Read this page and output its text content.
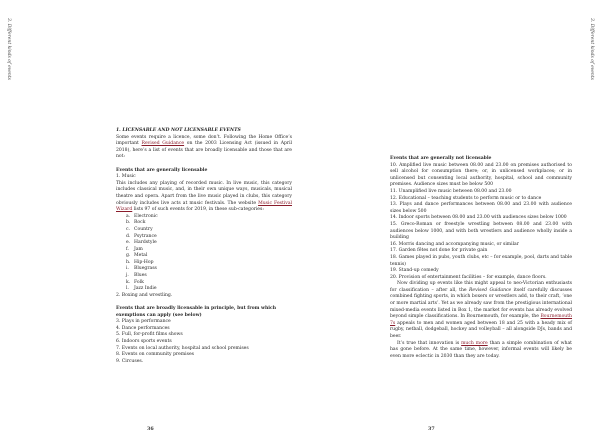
3. Different kinds of events

1. LICENSABLE AND NOT LICENSABLE EVENTS

Some events require a licence, some don’t. Following the Home Office’s important Revised Guidance on the 2003 Licensing Act (issued in April 2018), here’s a list of events that are broadly licensable and those that are not:

Events that are generally licensable

1. Music

This includes any playing of recorded music. In live music, this category includes classical music, and, in their own unique ways, musicals, musical theatre and opera. Apart from the live music played in clubs, this category obviously includes live acts at music festivals. The website Music Festival Wizard lists 97 of such events for 2019, in these sub-categories:

a. Electronic

b. Rock

c. Country

d. Psytrance

e. Hardstyle

f. Jam

g. Metal

h. Hip-Hop

i. Bluegrass

j. Blues

k. Folk

l. Jazz Indie

2. Boxing and wrestling.

Events that are broadly licensable in principle, but from which exemptions can apply (see below)

3. Plays in performance

4. Dance performances

5. Full, for-profit films shows

6. Indoors sports events

7. Events on local authority, hospital and school premises

8. Events on community premises

9. Circuses.

36
3. Different kinds of events

Events that are generally not licensable

10. Amplified live music between 08.00 and 23.00 on premises authorised to sell alcohol for consumption there; or, in unlicensed workplaces; or in unlicensed but consenting local authority, hospital, school and community premises. Audience sizes must be below 500

11. Unamplified live music between 08.00 and 23.00

12. Educational – teaching students to perform music or to dance

13. Plays and dance performances between 08.00 and 23.00 with audience sizes below 500

14. Indoor sports between 08.00 and 23.00 with audiences sizes below 1000

15. Greco-Roman or freestyle wrestling between 08.00 and 23.00 with audiences below 1000, and with both wrestlers and audience wholly inside a building

16. Morris dancing and accompanying music, or similar

17. Garden fêtes not done for private gain

18. Games played in pubs, youth clubs, etc – for example, pool, darts and table tennis)

19. Stand-up comedy

20. Provision of entertainment facilities – for example, dance floors.

Now dividing up events like this might appeal to neo-Victorian enthusiasts for classification – after all, the Revised Guidance itself carefully discusses combined fighting sports, in which boxers or wrestlers add, to their craft, ‘one or more martial arts’. Yet as we already saw from the prestigious international mixed-media events listed in Box 1, the market for events has already evolved beyond simple classifications. In Bournemouth, for example, the Bournemouth 7s appeals to men and women aged between 18 and 25 with a heady mix of rugby, netball, dodgeball, hockey and volleyball – all alongside DJs, bands and beer.

It’s true that innovation is much more than a simple combination of what has gone before. At the same time, however, informal events will likely be even more eclectic in 2030 than they are today.

37
